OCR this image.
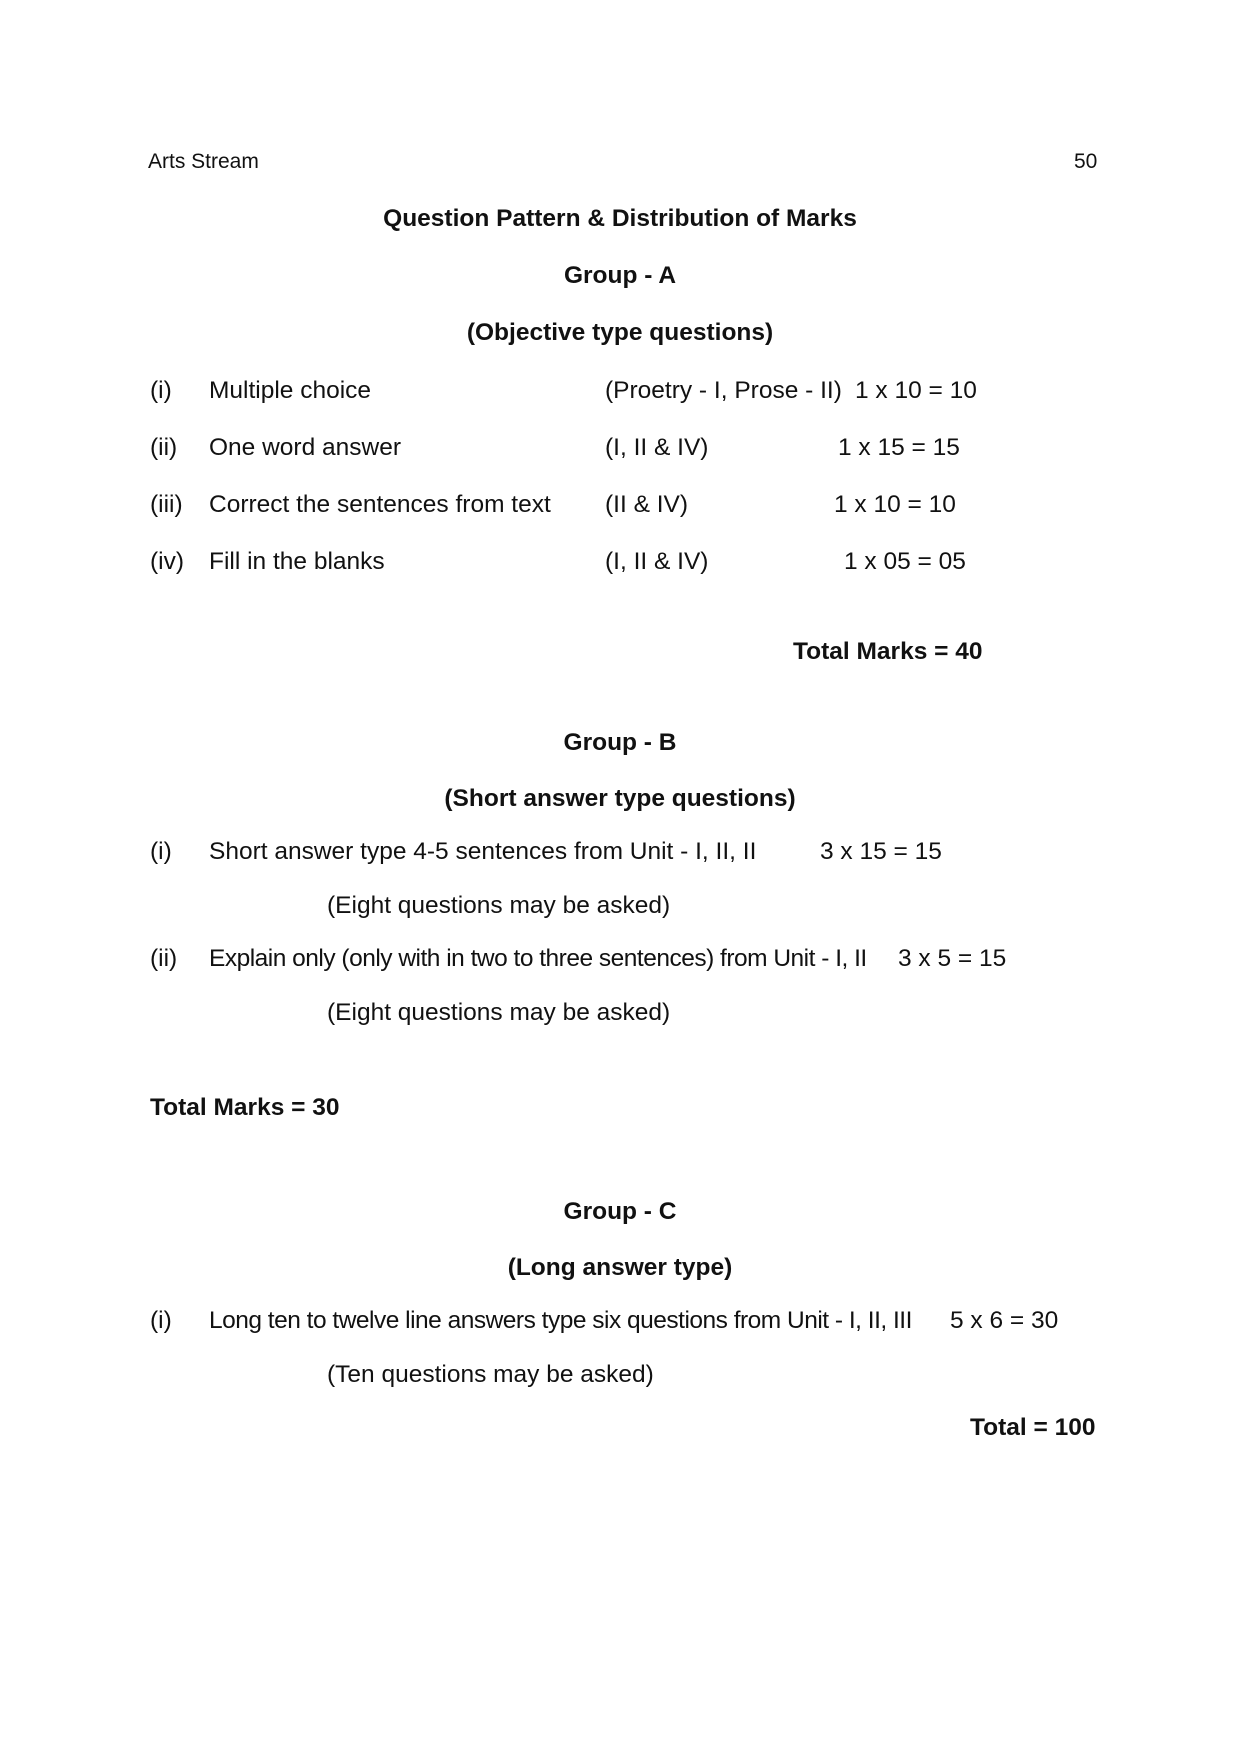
Arts Stream	50
Question Pattern & Distribution of Marks
Group - A
(Objective type questions)
(i) Multiple choice	(Proetry - I, Prose - II) 1 x 10 = 10
(ii) One word answer	(I, II & IV)	1 x 15 = 15
(iii) Correct the sentences from text (II & IV)	1 x 10 = 10
(iv) Fill in the blanks	(I, II & IV)	1 x 05 = 05
Total Marks = 40
Group - B
(Short answer type questions)
(i) Short answer type 4-5 sentences from Unit - I, II, II	3 x 15 = 15
(Eight questions may be asked)
(ii) Explain only (only with in two to three sentences) from Unit - I, II 3 x 5 = 15
(Eight questions may be asked)
Total Marks = 30
Group - C
(Long answer type)
(i) Long ten to twelve line answers type six questions from Unit - I, II, III 5 x 6 = 30
(Ten questions may be asked)
Total = 100
